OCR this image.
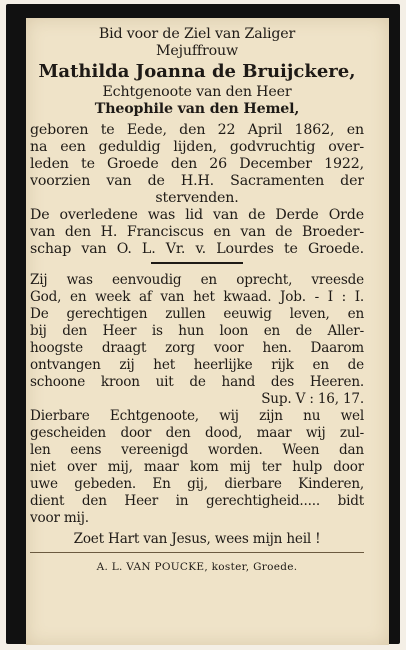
Bid voor de Ziel van Zaliger
Mejuffrouw
Mathilda Joanna de Bruijckere,
Echtgenoote van den Heer
Theophile van den Hemel,
geboren te Eede, den 22 April 1862, en
na een geduldig lijden, godvruchtig over-
leden te Groede den 26 December 1922,
voorzien van de H.H. Sacramenten der
stervenden.
De overledene was lid van de Derde Orde
van den H. Franciscus en van de Broeder-
schap van O. L. Vr. v. Lourdes te Groede.
Zij was eenvoudig en oprecht, vreesde
God, en week af van het kwaad. Job. - I : I.
De gerechtigen zullen eeuwig leven, en
bij den Heer is hun loon en de Aller-
hoogste draagt zorg voor hen. Daarom
ontvangen zij het heerlijke rijk en de
schoone kroon uit de hand des Heeren.
Sup. V : 16, 17.
Dierbare Echtgenoote, wij zijn nu wel
gescheiden door den dood, maar wij zul-
len eens vereenigd worden. Ween dan
niet over mij, maar kom mij ter hulp door
uwe gebeden. En gij, dierbare Kinderen,
dient den Heer in gerechtigheid..... bidt
voor mij.
Zoet Hart van Jesus, wees mijn heil !
A. L. VAN POUCKE, koster, Groede.
